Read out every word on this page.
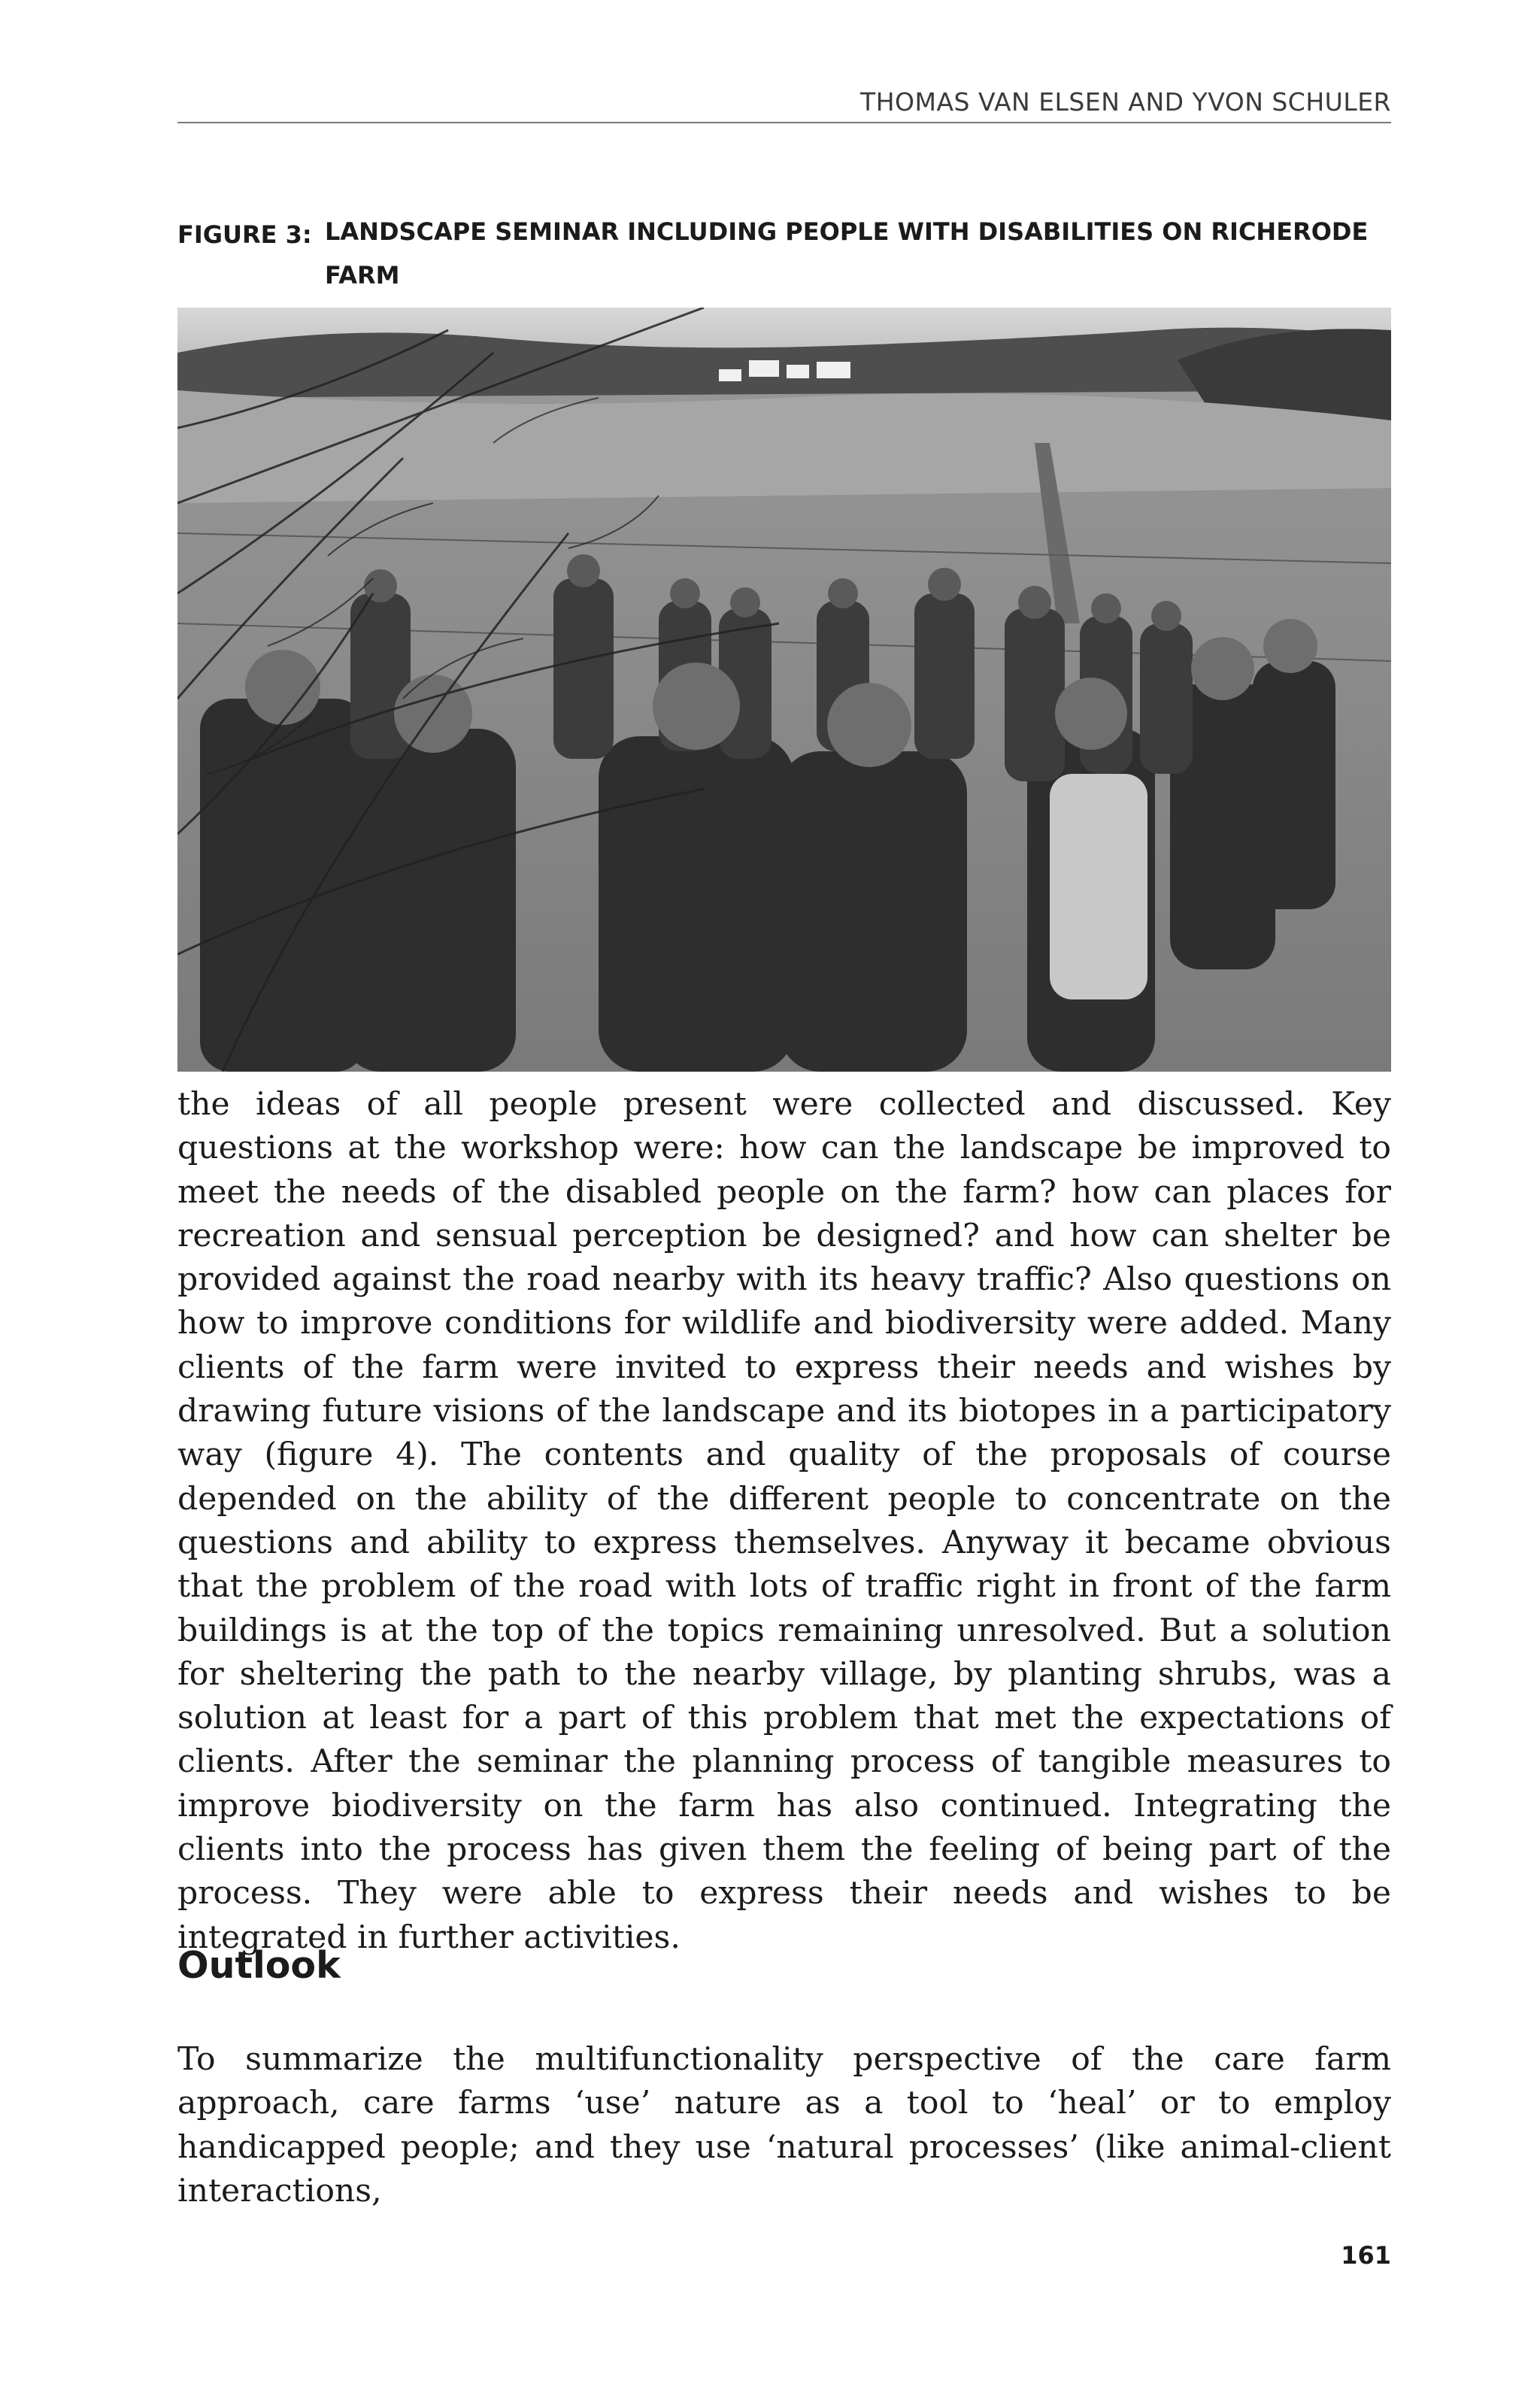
THOMAS VAN ELSEN AND YVON SCHULER
FIGURE 3: LANDSCAPE SEMINAR INCLUDING PEOPLE WITH DISABILITIES ON RICHERODE FARM

the ideas of all people present were collected and discussed. Key questions at the workshop were: how can the landscape be improved to meet the needs of the disabled people on the farm? how can places for recreation and sensual perception be designed? and how can shelter be provided against the road nearby with its heavy traffic? Also questions on how to improve conditions for wildlife and biodiversity were added. Many clients of the farm were invited to express their needs and wishes by drawing future visions of the landscape and its biotopes in a participatory way (figure 4). The contents and quality of the proposals of course depended on the ability of the different people to concentrate on the questions and ability to express themselves. Anyway it became obvious that the problem of the road with lots of traffic right in front of the farm buildings is at the top of the topics remaining unresolved. But a solution for sheltering the path to the nearby village, by planting shrubs, was a solution at least for a part of this problem that met the expectations of clients. After the seminar the planning process of tangible measures to improve biodiversity on the farm has also continued. Integrating the clients into the process has given them the feeling of being part of the process. They were able to express their needs and wishes to be integrated in further activities.

Outlook

To summarize the multifunctionality perspective of the care farm approach, care farms ‘use’ nature as a tool to ‘heal’ or to employ handicapped people; and they use ‘natural processes’ (like animal-client interactions,

161
